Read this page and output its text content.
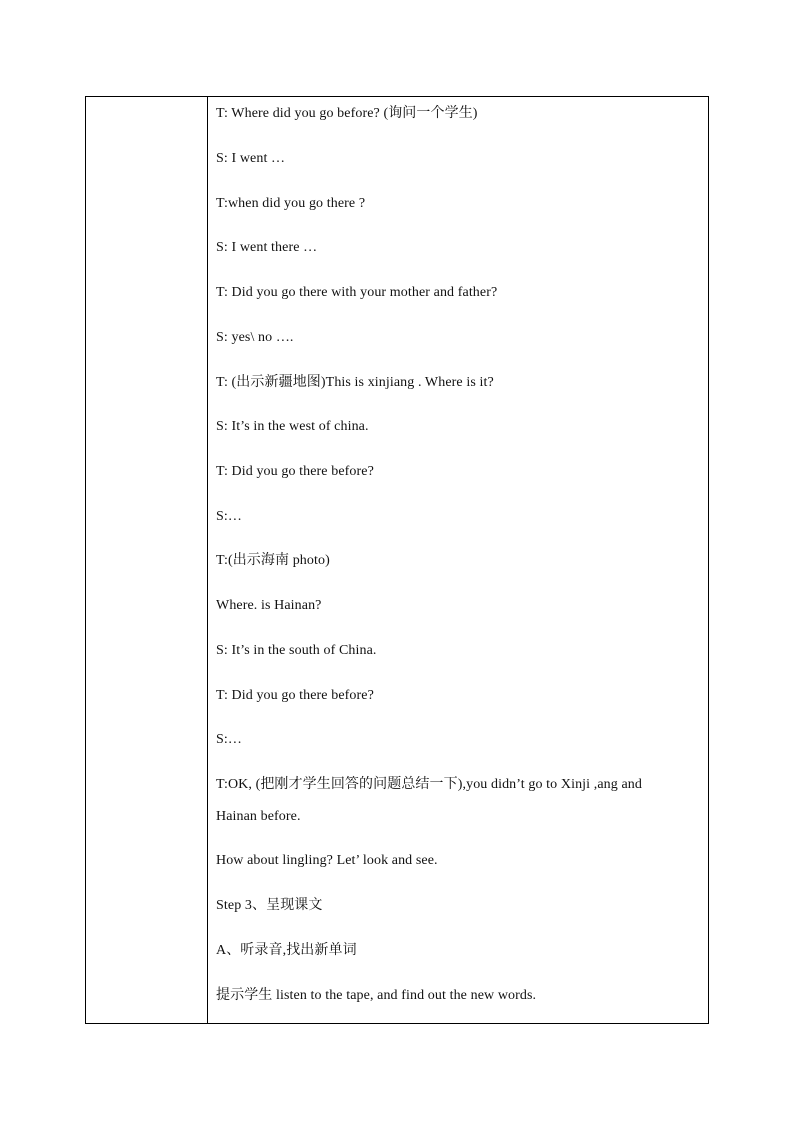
T: Where did you go before? (询问一个学生)
S: I went …
T:when did you go there ?
S: I went there …
T: Did you go there with your mother and father?
S: yes\ no ….
T: (出示新疆地图)This is xinjiang . Where is it?
S: It’s in the west of china.
T: Did you go there before?
S:…
T:(出示海南 photo)
Where. is Hainan?
S: It’s in the south of China.
T: Did you go there before?
S:…
T:OK, (把刚才学生回答的问题总结一下),you didn’t go to Xinji ,ang and
Hainan before.
How about lingling? Let’ look and see.
Step 3、呈现课文
A、听录音,找出新单词
提示学生 listen to the tape, and find out the new words.
